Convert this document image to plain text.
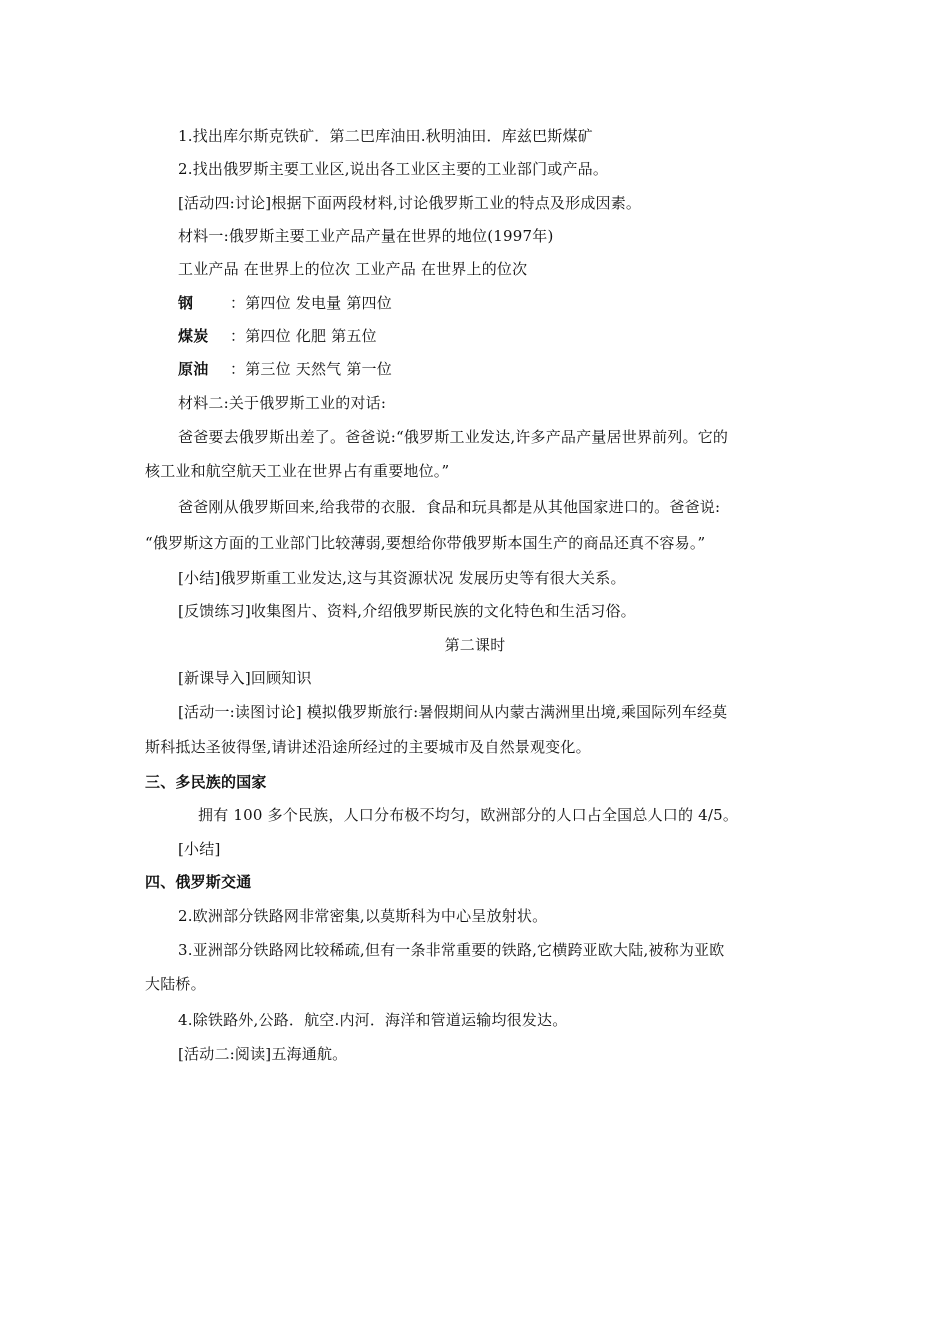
1.找出库尔斯克铁矿．第二巴库油田.秋明油田．库兹巴斯煤矿
2.找出俄罗斯主要工业区,说出各工业区主要的工业部门或产品。
[活动四:讨论]根据下面两段材料,讨论俄罗斯工业的特点及形成因素。
材料一:俄罗斯主要工业产品产量在世界的地位(1997年)
工业产品 在世界上的位次 工业产品 在世界上的位次
钢 ：第四位 发电量 第四位
煤炭 ：第四位 化肥 第五位
原油 ：第三位 天然气 第一位
材料二:关于俄罗斯工业的对话:
爸爸要去俄罗斯出差了。爸爸说:“俄罗斯工业发达,许多产品产量居世界前列。它的
核工业和航空航天工业在世界占有重要地位。”
爸爸刚从俄罗斯回来,给我带的衣服．食品和玩具都是从其他国家进口的。爸爸说:
“俄罗斯这方面的工业部门比较薄弱,要想给你带俄罗斯本国生产的商品还真不容易。”
[小结]俄罗斯重工业发达,这与其资源状况 发展历史等有很大关系。
[反馈练习]收集图片、资料,介绍俄罗斯民族的文化特色和生活习俗。
第二课时
[新课导入]回顾知识
[活动一:读图讨论] 模拟俄罗斯旅行:暑假期间从内蒙古满洲里出境,乘国际列车经莫
斯科抵达圣彼得堡,请讲述沿途所经过的主要城市及自然景观变化。
三、多民族的国家
拥有 100 多个民族，人口分布极不均匀，欧洲部分的人口占全国总人口的 4/5。
[小结]
四、俄罗斯交通
2.欧洲部分铁路网非常密集,以莫斯科为中心呈放射状。
3.亚洲部分铁路网比较稀疏,但有一条非常重要的铁路,它横跨亚欧大陆,被称为亚欧
大陆桥。
4.除铁路外,公路．航空.内河．海洋和管道运输均很发达。
[活动二:阅读]五海通航。
